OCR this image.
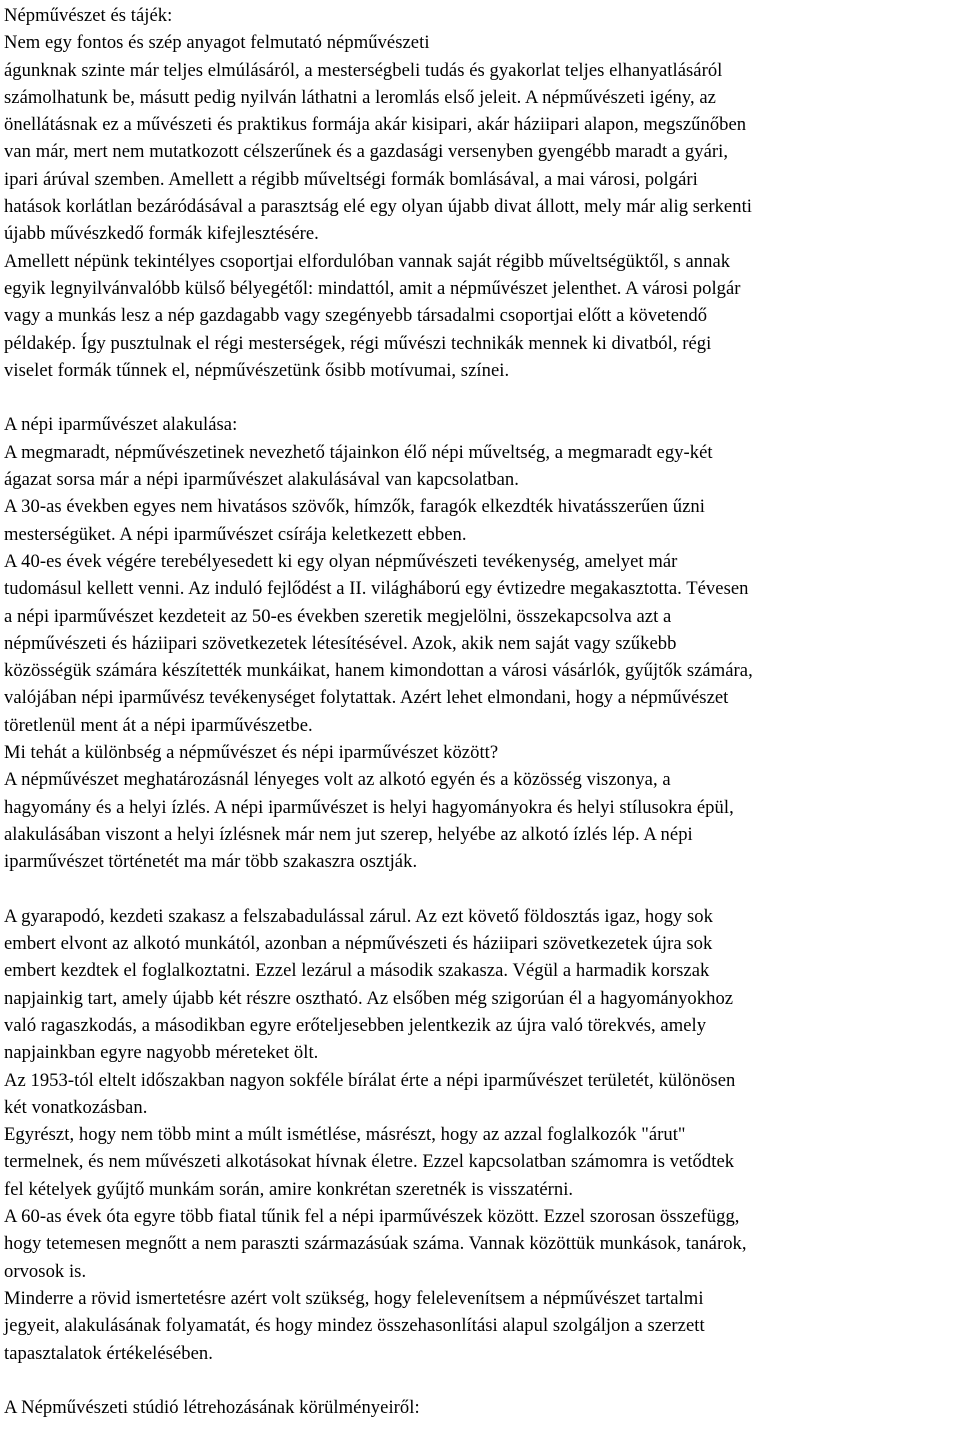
Népművészet és tájék:
Nem egy fontos és szép anyagot felmutató népművészeti
águnknak szinte már teljes elmúlásáról, a mesterségbeli tudás és gyakorlat teljes elhanyatlásáról
számolhatunk be, másutt pedig nyilván láthatni a leromlás első jeleit. A népművészeti igény, az
önellátásnak ez a művészeti és praktikus formája akár kisipari, akár háziipari alapon, megszűnőben
van már, mert nem mutatkozott célszerűnek és a gazdasági versenyben gyengébb maradt a gyári,
ipari árúval szemben. Amellett a régibb műveltségi formák bomlásával, a mai városi, polgári
hatások korlátlan bezáródásával a parasztság elé egy olyan újabb divat állott, mely már alig serkenti
újabb művészkedő formák kifejlesztésére.
Amellett népünk tekintélyes csoportjai elfordulóban vannak saját régibb műveltségüktől, s annak
egyik legnyilvánvalóbb külső bélyegétől: mindattól, amit a népművészet jelenthet. A városi polgár
vagy a munkás lesz a nép gazdagabb vagy szegényebb társadalmi csoportjai előtt a követendő
példakép. Így pusztulnak el régi mesterségek, régi művészi technikák mennek ki divatból, régi
viselet formák tűnnek el, népművészetünk ősibb motívumai, színei.
A népi iparművészet alakulása:
A megmaradt, népművészetinek nevezhető tájainkon élő népi műveltség, a megmaradt egy-két
ágazat sorsa már a népi iparművészet alakulásával van kapcsolatban.
A 30-as években egyes nem hivatásos szövők, hímzők, faragók elkezdték hivatásszerűen űzni
mesterségüket. A népi iparművészet csírája keletkezett ebben.
A 40-es évek végére terebélyesedett ki egy olyan népművészeti tevékenység, amelyet már
tudomásul kellett venni. Az induló fejlődést a II. világháború egy évtizedre megakasztotta. Tévesen
a népi iparművészet kezdeteit az 50-es években szeretik megjelölni, összekapcsolva azt a
népművészeti és háziipari szövetkezetek létesítésével. Azok, akik nem saját vagy szűkebb
közösségük számára készítették munkáikat, hanem kimondottan a városi vásárlók, gyűjtők számára,
valójában népi iparművész tevékenységet folytattak. Azért lehet elmondani, hogy a népművészet
töretlenül ment át a népi iparművészetbe.
Mi tehát a különbség a népművészet és népi iparművészet között?
A népművészet meghatározásnál lényeges volt az alkotó egyén és a közösség viszonya, a
hagyomány és a helyi ízlés. A népi iparművészet is helyi hagyományokra és helyi stílusokra épül,
alakulásában viszont a helyi ízlésnek már nem jut szerep, helyébe az alkotó ízlés lép. A népi
iparművészet történetét ma már több szakaszra osztják.
A gyarapodó, kezdeti szakasz a felszabadulással zárul. Az ezt követő földosztás igaz, hogy sok
embert elvont az alkotó munkától, azonban a népművészeti és háziipari szövetkezetek újra sok
embert kezdtek el foglalkoztatni. Ezzel lezárul a második szakasza. Végül a harmadik korszak
napjainkig tart, amely újabb két részre osztható. Az elsőben még szigorúan él a hagyományokhoz
való ragaszkodás, a másodikban egyre erőteljesebben jelentkezik az újra való törekvés, amely
napjainkban egyre nagyobb méreteket ölt.
Az 1953-tól eltelt időszakban nagyon sokféle bírálat érte a népi iparművészet területét, különösen
két vonatkozásban.
Egyrészt, hogy nem több mint a múlt ismétlése, másrészt, hogy az azzal foglalkozók "árut"
termelnek, és nem művészeti alkotásokat hívnak életre. Ezzel kapcsolatban számomra is vetődtek
fel kételyek gyűjtő munkám során, amire konkrétan szeretnék is visszatérni.
A 60-as évek óta egyre több fiatal tűnik fel a népi iparművészek között. Ezzel szorosan összefügg,
hogy tetemesen megnőtt a nem paraszti származásúak száma. Vannak közöttük munkások, tanárok,
orvosok is.
Minderre a rövid ismertetésre azért volt szükség, hogy felelevenítsem a népművészet tartalmi
jegyeit, alakulásának folyamatát, és hogy mindez összehasonlítási alapul szolgáljon a szerzett
tapasztalatok értékelésében.
A Népművészeti stúdió létrehozásának körülményeiről:
